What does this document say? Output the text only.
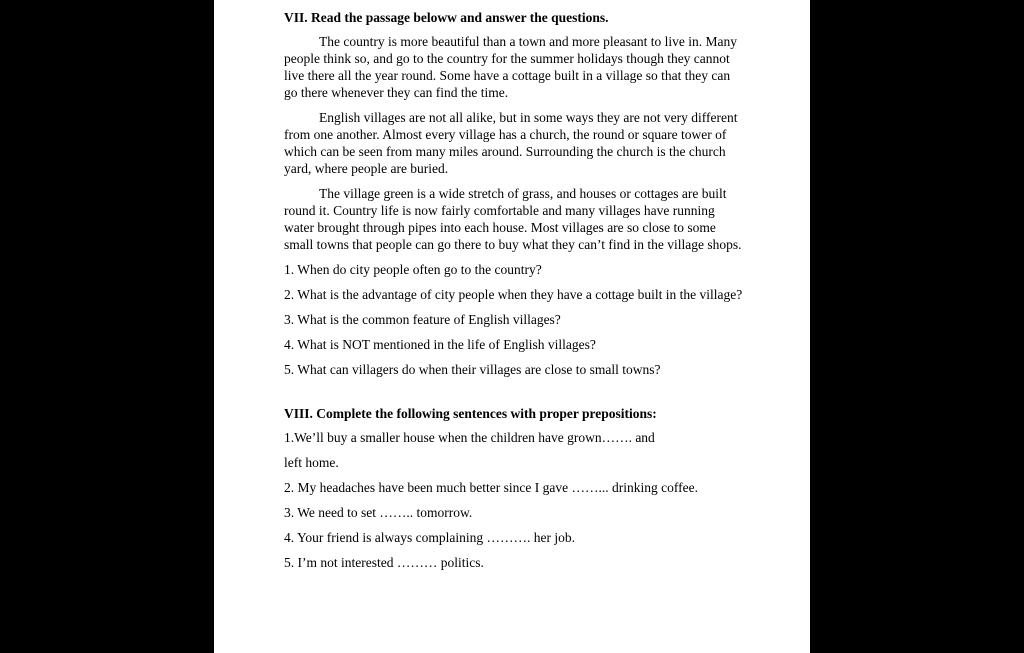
VII. Read the passage beloww and answer the questions.

The country is more beautiful than a town and more pleasant to live in. Many people think so, and go to the country for the summer holidays though they cannot live there all the year round. Some have a cottage built in a village so that they can go there whenever they can find the time.

English villages are not all alike, but in some ways they are not very different from one another. Almost every village has a church, the round or square tower of which can be seen from many miles around. Surrounding the church is the church yard, where people are buried.

The village green is a wide stretch of grass, and houses or cottages are built round it. Country life is now fairly comfortable and many villages have running water brought through pipes into each house. Most villages are so close to some small towns that people can go there to buy what they can’t find in the village shops.

1. When do city people often go to the country?

2. What is the advantage of city people when they have a cottage built in the village?

3. What is the common feature of English villages?

4. What is NOT mentioned in the life of English villages?

5. What can villagers do when their villages are close to small towns?

VIII. Complete the following sentences with proper prepositions:

1.We’ll buy a smaller house when the children have grown……. and

left home.

2. My headaches have been much better since I gave ……... drinking coffee.

3. We need to set …….. tomorrow.

4. Your friend is always complaining ………. her job.

5. I’m not interested ……… politics.
